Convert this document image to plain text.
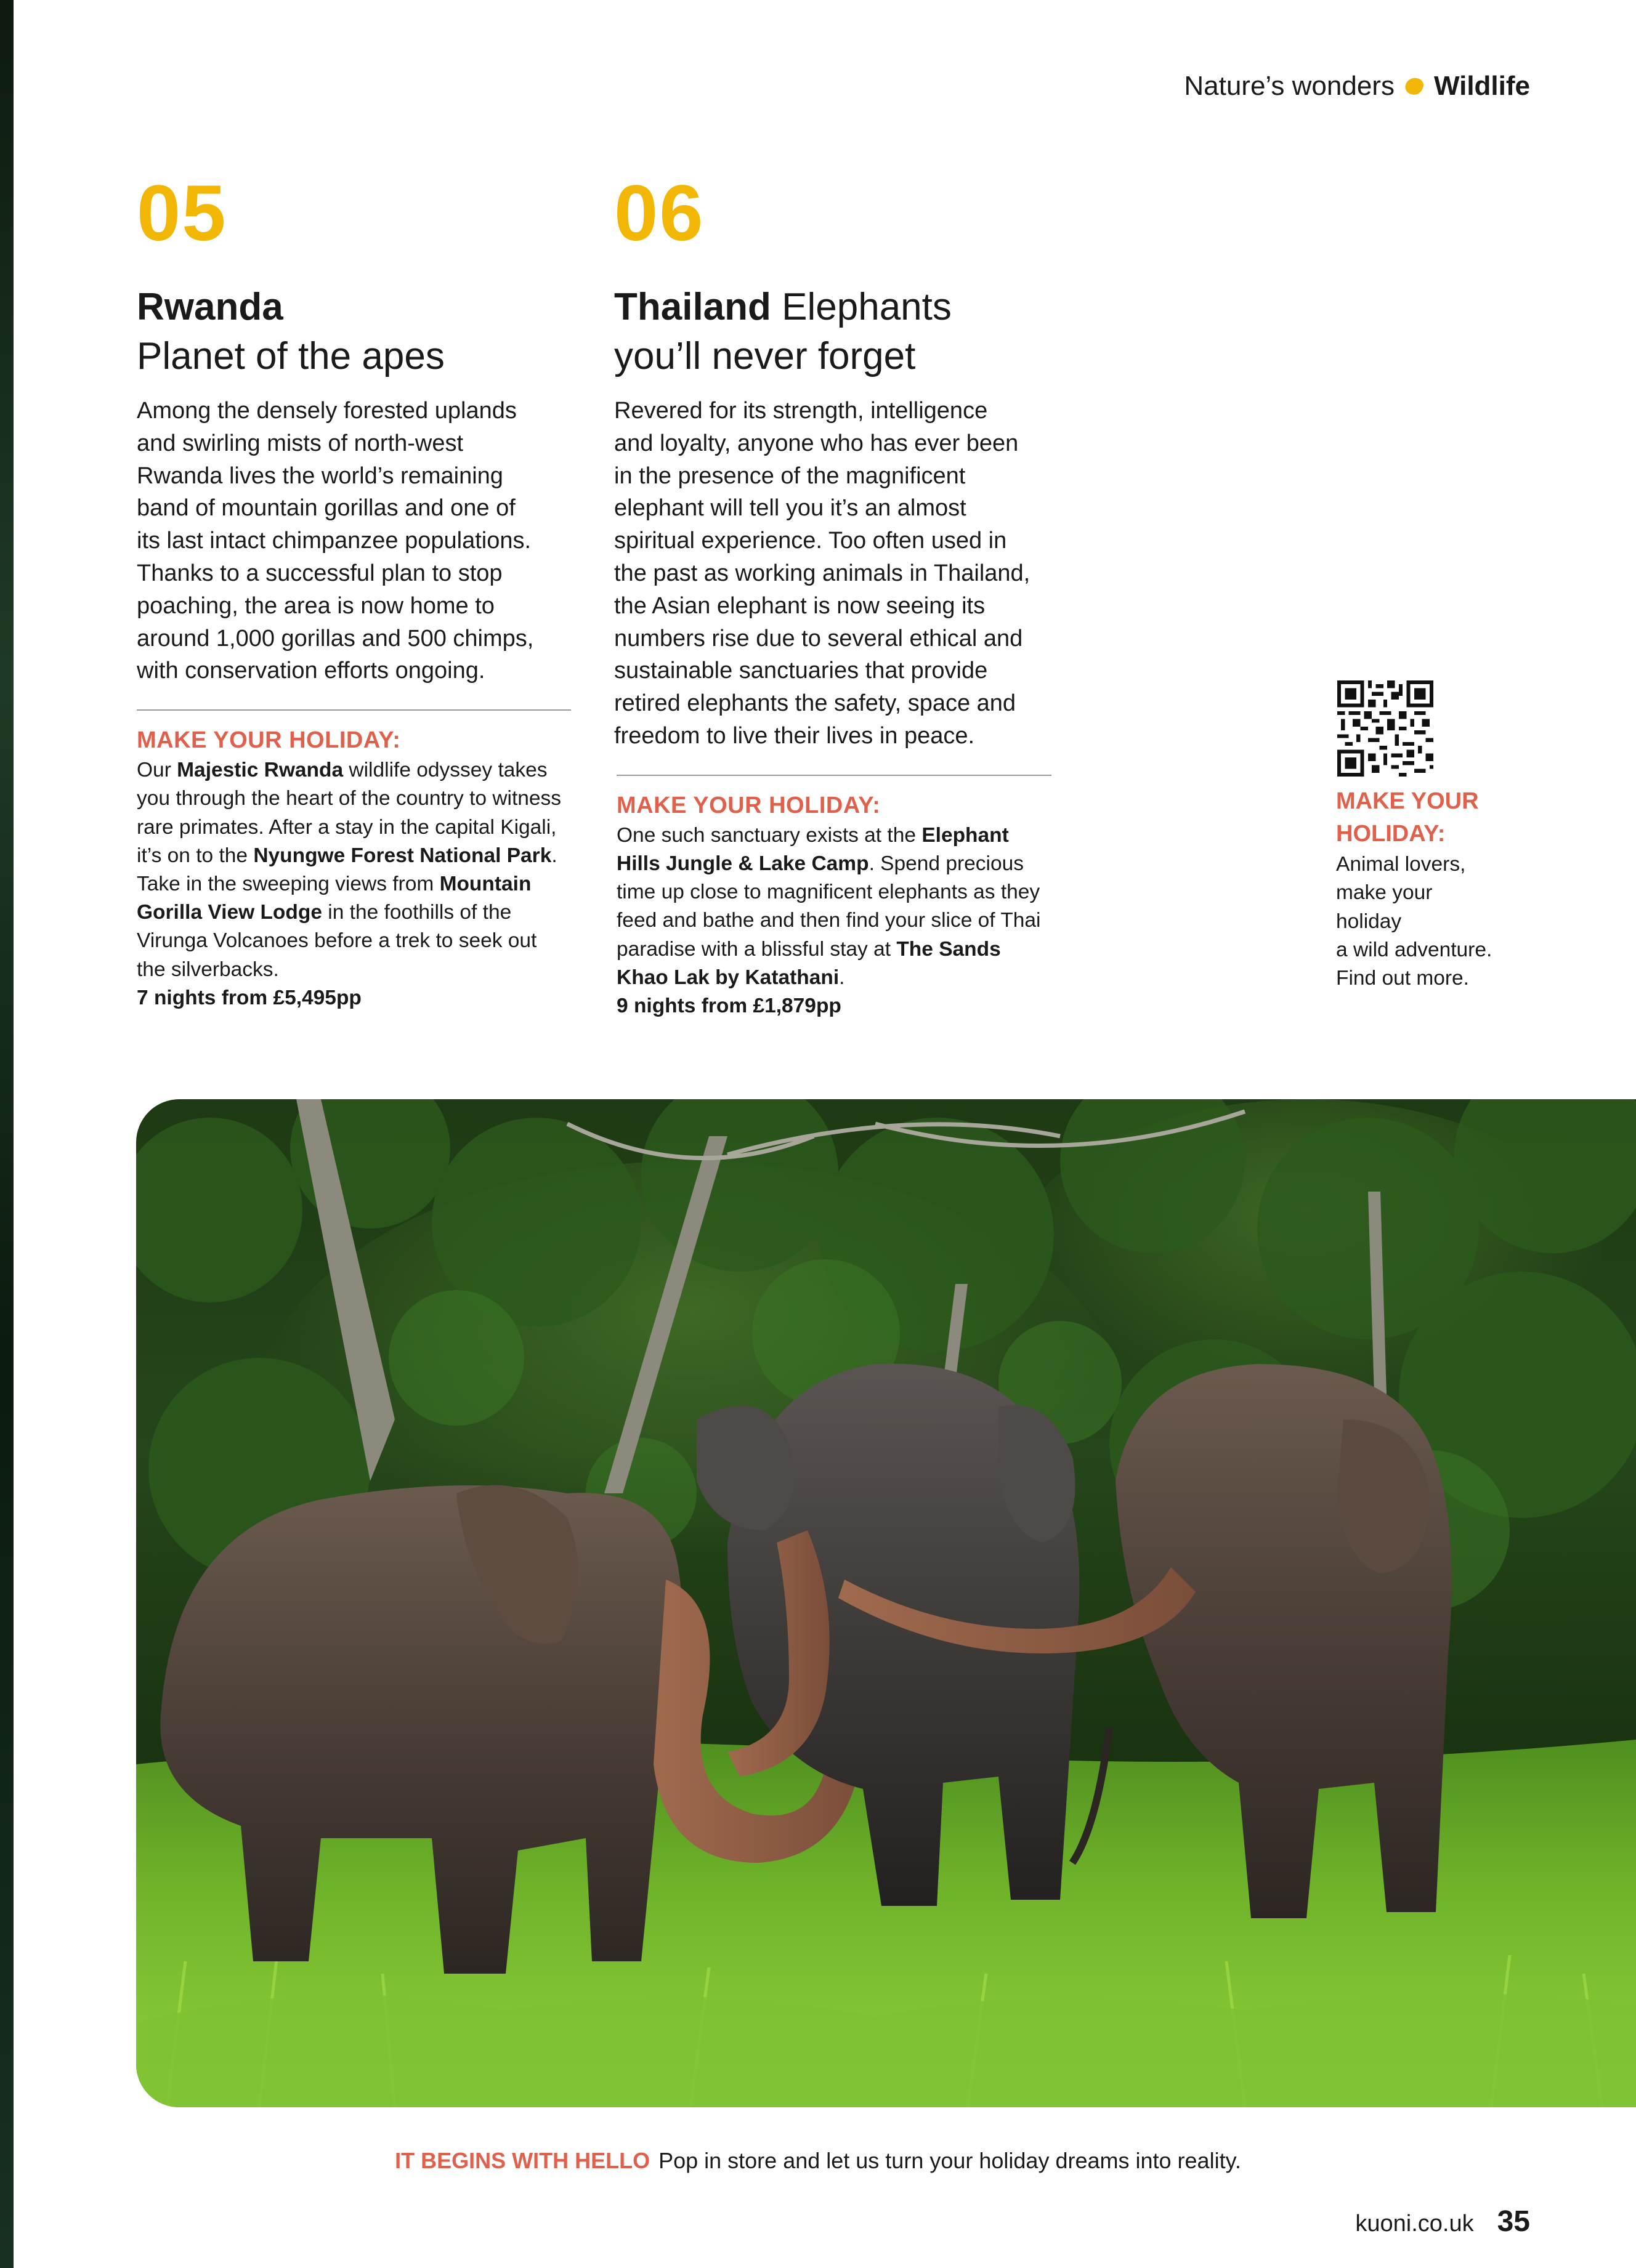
Nature’s wonders Wildlife
05
Rwanda
Planet of the apes
Among the densely forested uplands
and swirling mists of north-west
Rwanda lives the world’s remaining
band of mountain gorillas and one of
its last intact chimpanzee populations.
Thanks to a successful plan to stop
poaching, the area is now home to
around 1,000 gorillas and 500 chimps,
with conservation efforts ongoing.
MAKE YOUR HOLIDAY:
Our Majestic Rwanda wildlife odyssey takes you through the heart of the country to witness rare primates. After a stay in the capital Kigali, it’s on to the Nyungwe Forest National Park. Take in the sweeping views from Mountain Gorilla View Lodge in the foothills of the Virunga Volcanoes before a trek to seek out the silverbacks.
7 nights from £5,495pp
06
Thailand Elephants
you’ll never forget
Revered for its strength, intelligence
and loyalty, anyone who has ever been
in the presence of the magnificent
elephant will tell you it’s an almost
spiritual experience. Too often used in
the past as working animals in Thailand,
the Asian elephant is now seeing its
numbers rise due to several ethical and
sustainable sanctuaries that provide
retired elephants the safety, space and
freedom to live their lives in peace.
MAKE YOUR HOLIDAY:
One such sanctuary exists at the Elephant Hills Jungle & Lake Camp. Spend precious time up close to magnificent elephants as they feed and bathe and then find your slice of Thai paradise with a blissful stay at The Sands Khao Lak by Katathani.
9 nights from £1,879pp
MAKE YOUR
HOLIDAY:
Animal lovers,
make your
holiday
a wild adventure.
Find out more.
IT BEGINS WITH HELLO Pop in store and let us turn your holiday dreams into reality.
kuoni.co.uk 35
